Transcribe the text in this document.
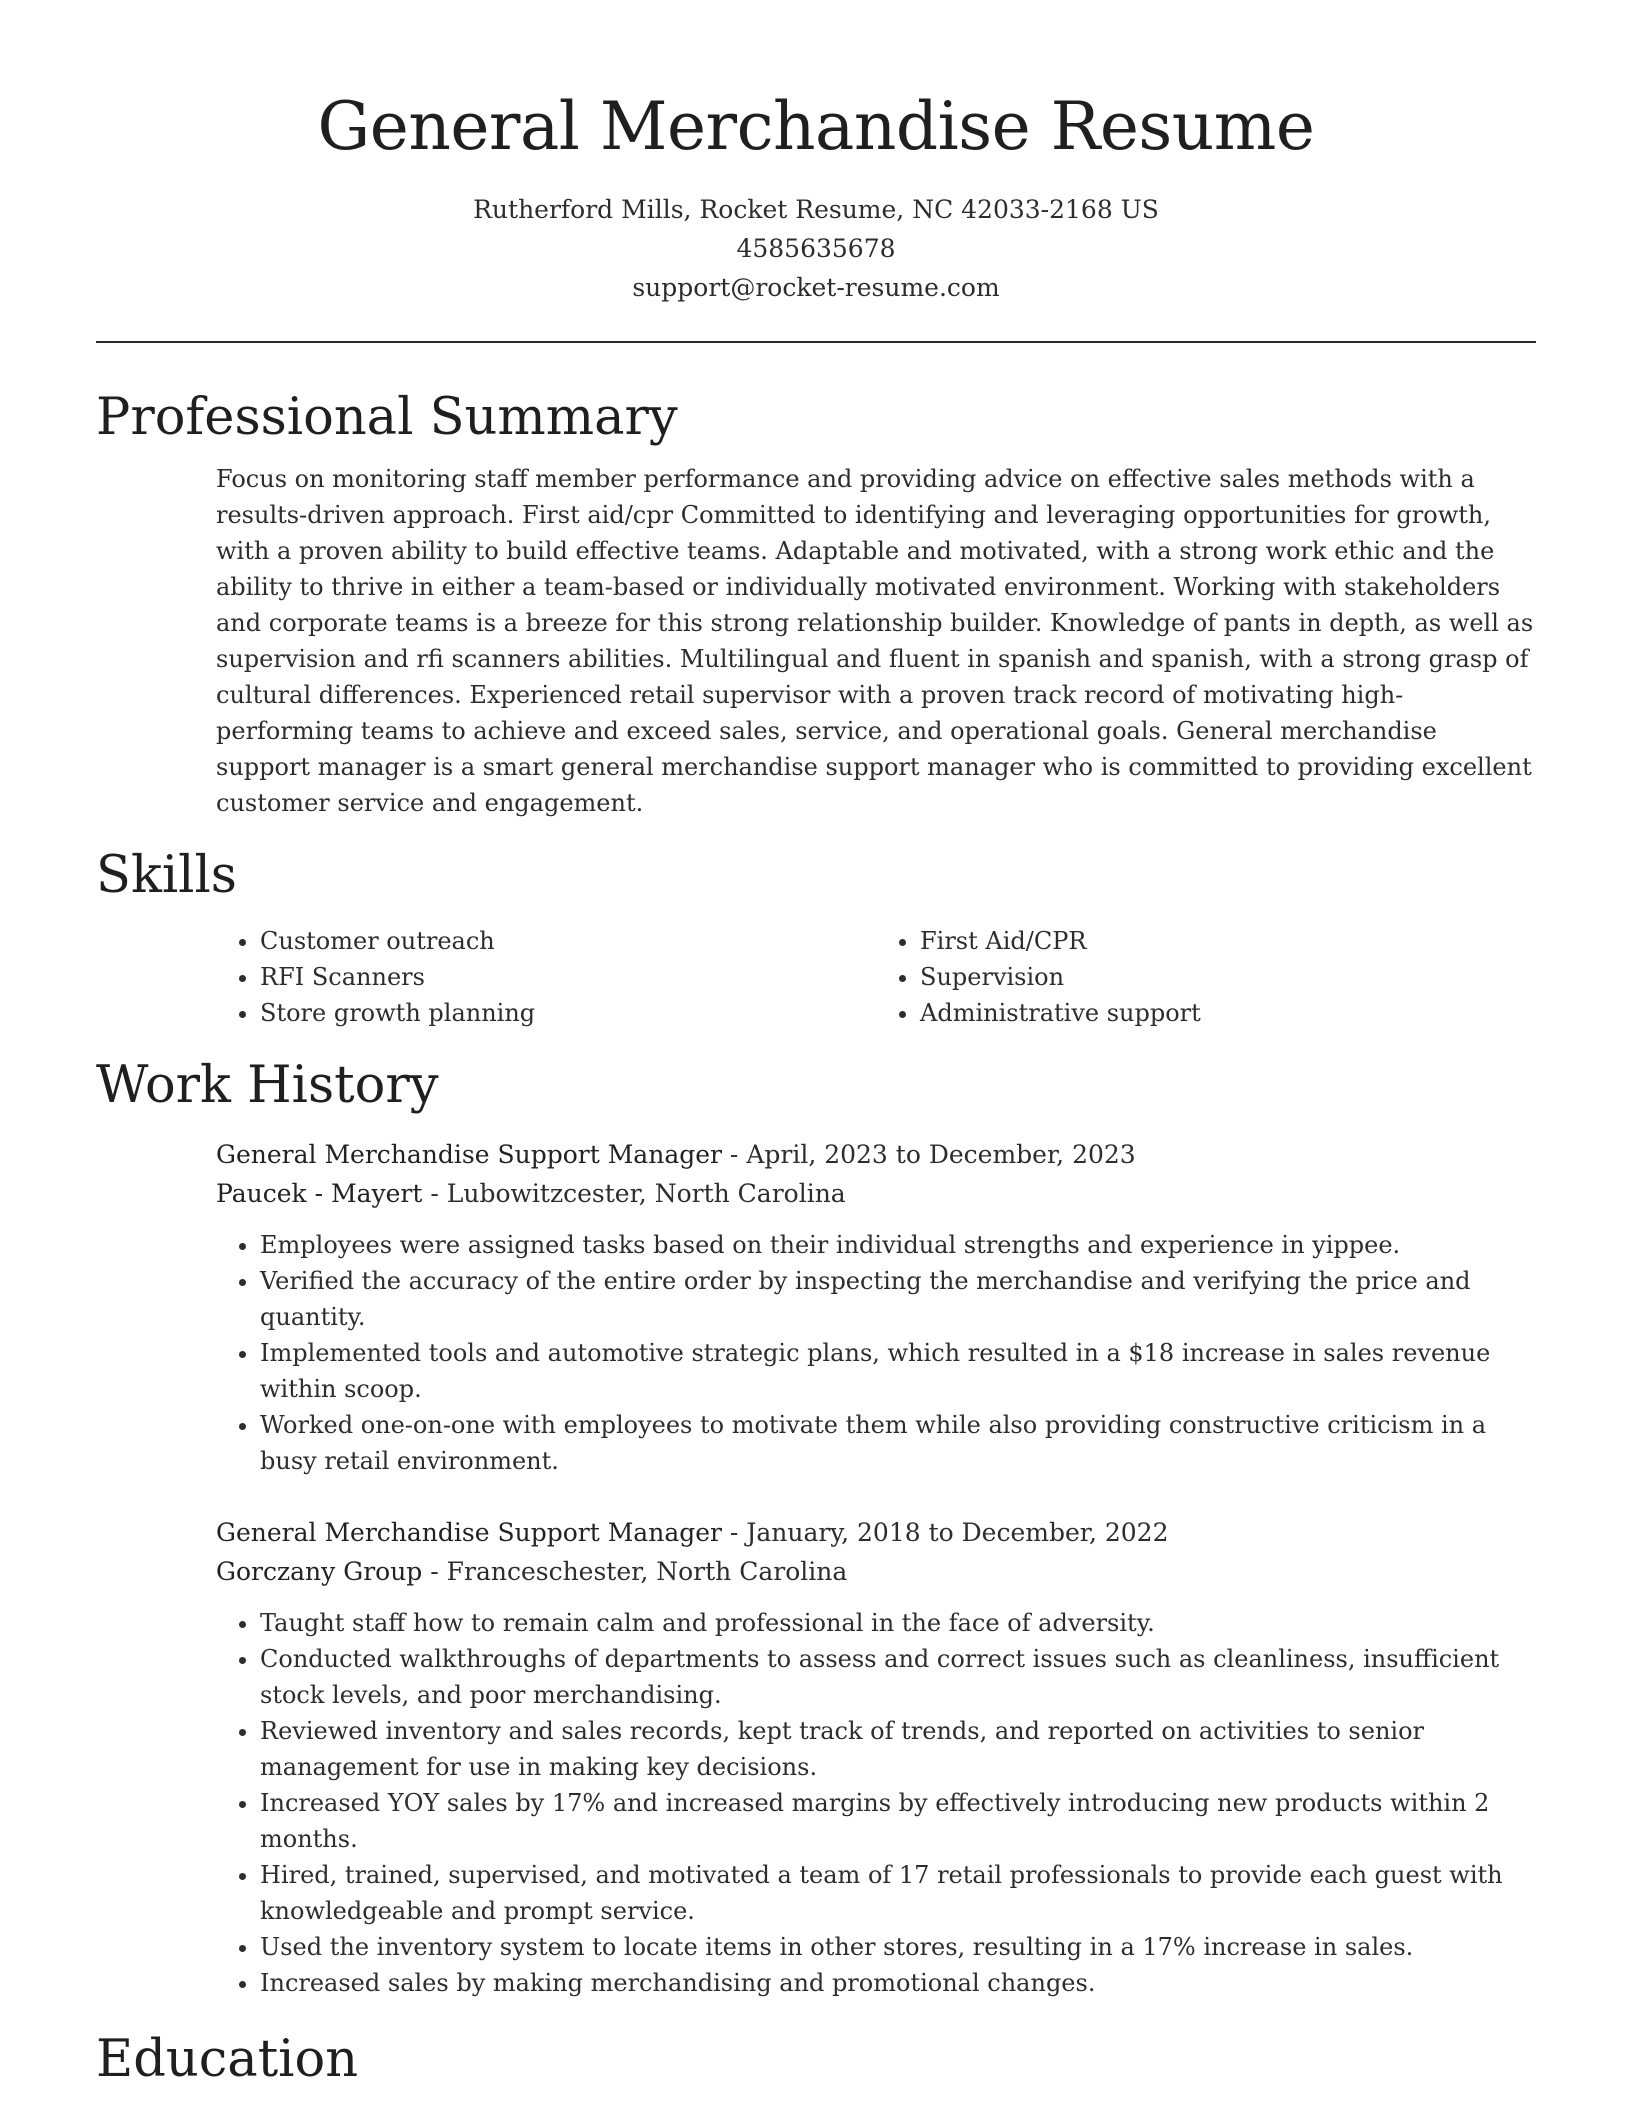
General Merchandise Resume
Rutherford Mills, Rocket Resume, NC 42033-2168 US
4585635678
support@rocket-resume.com
Professional Summary

Focus on monitoring staff member performance and providing advice on effective sales methods with a results-driven approach. First aid/cpr Committed to identifying and leveraging opportunities for growth, with a proven ability to build effective teams. Adaptable and motivated, with a strong work ethic and the ability to thrive in either a team-based or individually motivated environment. Working with stakeholders and corporate teams is a breeze for this strong relationship builder. Knowledge of pants in depth, as well as supervision and rfi scanners abilities. Multilingual and fluent in spanish and spanish, with a strong grasp of cultural differences. Experienced retail supervisor with a proven track record of motivating high-performing teams to achieve and exceed sales, service, and operational goals. General merchandise support manager is a smart general merchandise support manager who is committed to providing excellent customer service and engagement.

Skills
• Customer outreach
• RFI Scanners
• Store growth planning
• First Aid/CPR
• Supervision
• Administrative support
Work History
General Merchandise Support Manager - April, 2023 to December, 2023
Paucek - Mayert - Lubowitzcester, North Carolina
• Employees were assigned tasks based on their individual strengths and experience in yippee.
• Verified the accuracy of the entire order by inspecting the merchandise and verifying the price and quantity.
• Implemented tools and automotive strategic plans, which resulted in a $18 increase in sales revenue within scoop.
• Worked one-on-one with employees to motivate them while also providing constructive criticism in a busy retail environment.
General Merchandise Support Manager - January, 2018 to December, 2022
Gorczany Group - Franceschester, North Carolina
• Taught staff how to remain calm and professional in the face of adversity.
• Conducted walkthroughs of departments to assess and correct issues such as cleanliness, insufficient stock levels, and poor merchandising.
• Reviewed inventory and sales records, kept track of trends, and reported on activities to senior management for use in making key decisions.
• Increased YOY sales by 17% and increased margins by effectively introducing new products within 2 months.
• Hired, trained, supervised, and motivated a team of 17 retail professionals to provide each guest with knowledgeable and prompt service.
• Used the inventory system to locate items in other stores, resulting in a 17% increase in sales.
• Increased sales by making merchandising and promotional changes.
Education
